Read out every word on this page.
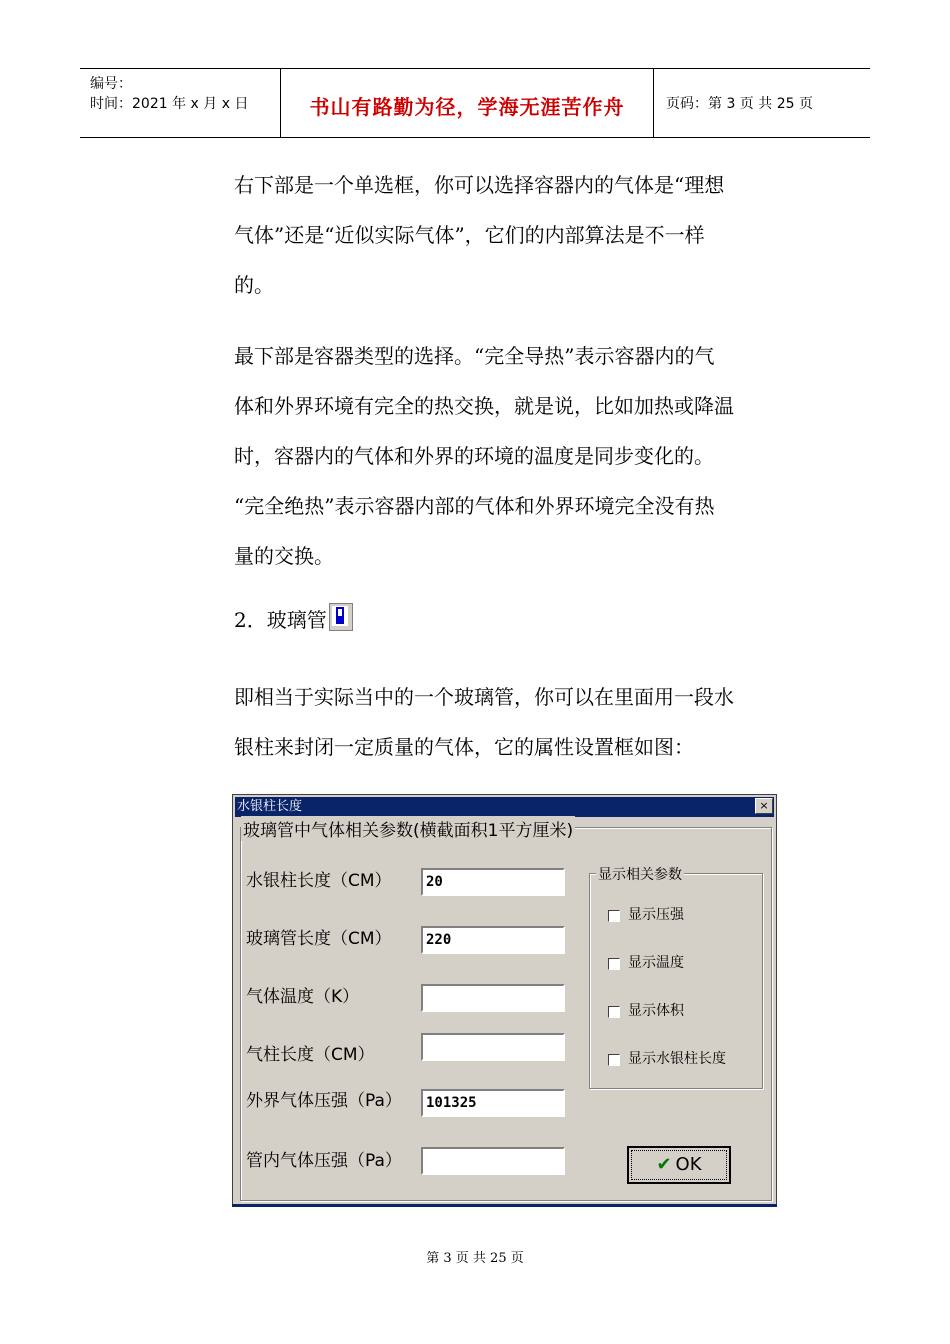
编号：
时间：2021 年 x 月 x 日	书山有路勤为径，学海无涯苦作舟	页码：第 3 页 共 25 页
右下部是一个单选框，你可以选择容器内的气体是“理想
气体”还是“近似实际气体”，它们的内部算法是不一样
的。
最下部是容器类型的选择。“完全导热”表示容器内的气
体和外界环境有完全的热交换，就是说，比如加热或降温
时，容器内的气体和外界的环境的温度是同步变化的。
“完全绝热”表示容器内部的气体和外界环境完全没有热
量的交换。
2．玻璃管
即相当于实际当中的一个玻璃管，你可以在里面用一段水
银柱来封闭一定质量的气体，它的属性设置框如图：
水银柱长度	×
玻璃管中气体相关参数(横截面积1平方厘米)
水银柱长度（CM）	20
玻璃管长度（CM）	220
气体温度（K）
气柱长度（CM）
外界气体压强（Pa）	101325
管内气体压强（Pa）
显示相关参数
显示压强
显示温度
显示体积
显示水银柱长度
✔ OK
第 3 页 共 25 页
